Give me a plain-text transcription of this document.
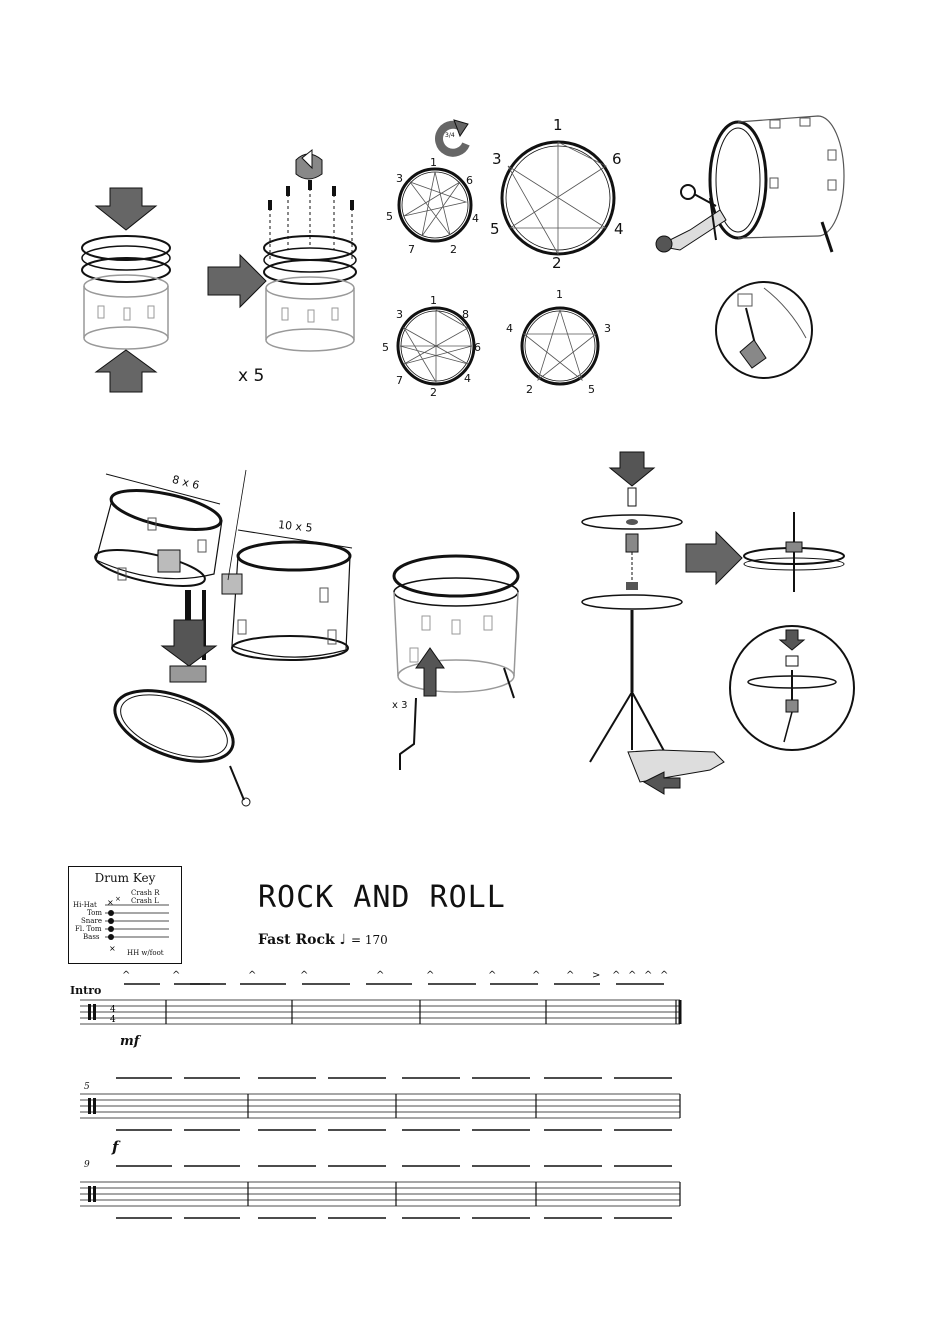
x 5
3/4
1
6
4
2
7
5
3
1
6
4
2
5
3
1
8
6
4
2
7
5
3
1
3
5
2
4
8 x 6
10 x 5
x 3
Drum Key
×
×
×
Crash R
Crash L
Hi-Hat
Tom
Snare
Fl. Tom
Bass
HH w/foot
ROCK AND ROLL
Fast Rock ♩ = 170
Intro
mf
5
f
9
4
4
^	^	^	^	^	^	^	^	^ > ^ ^ ^ ^
